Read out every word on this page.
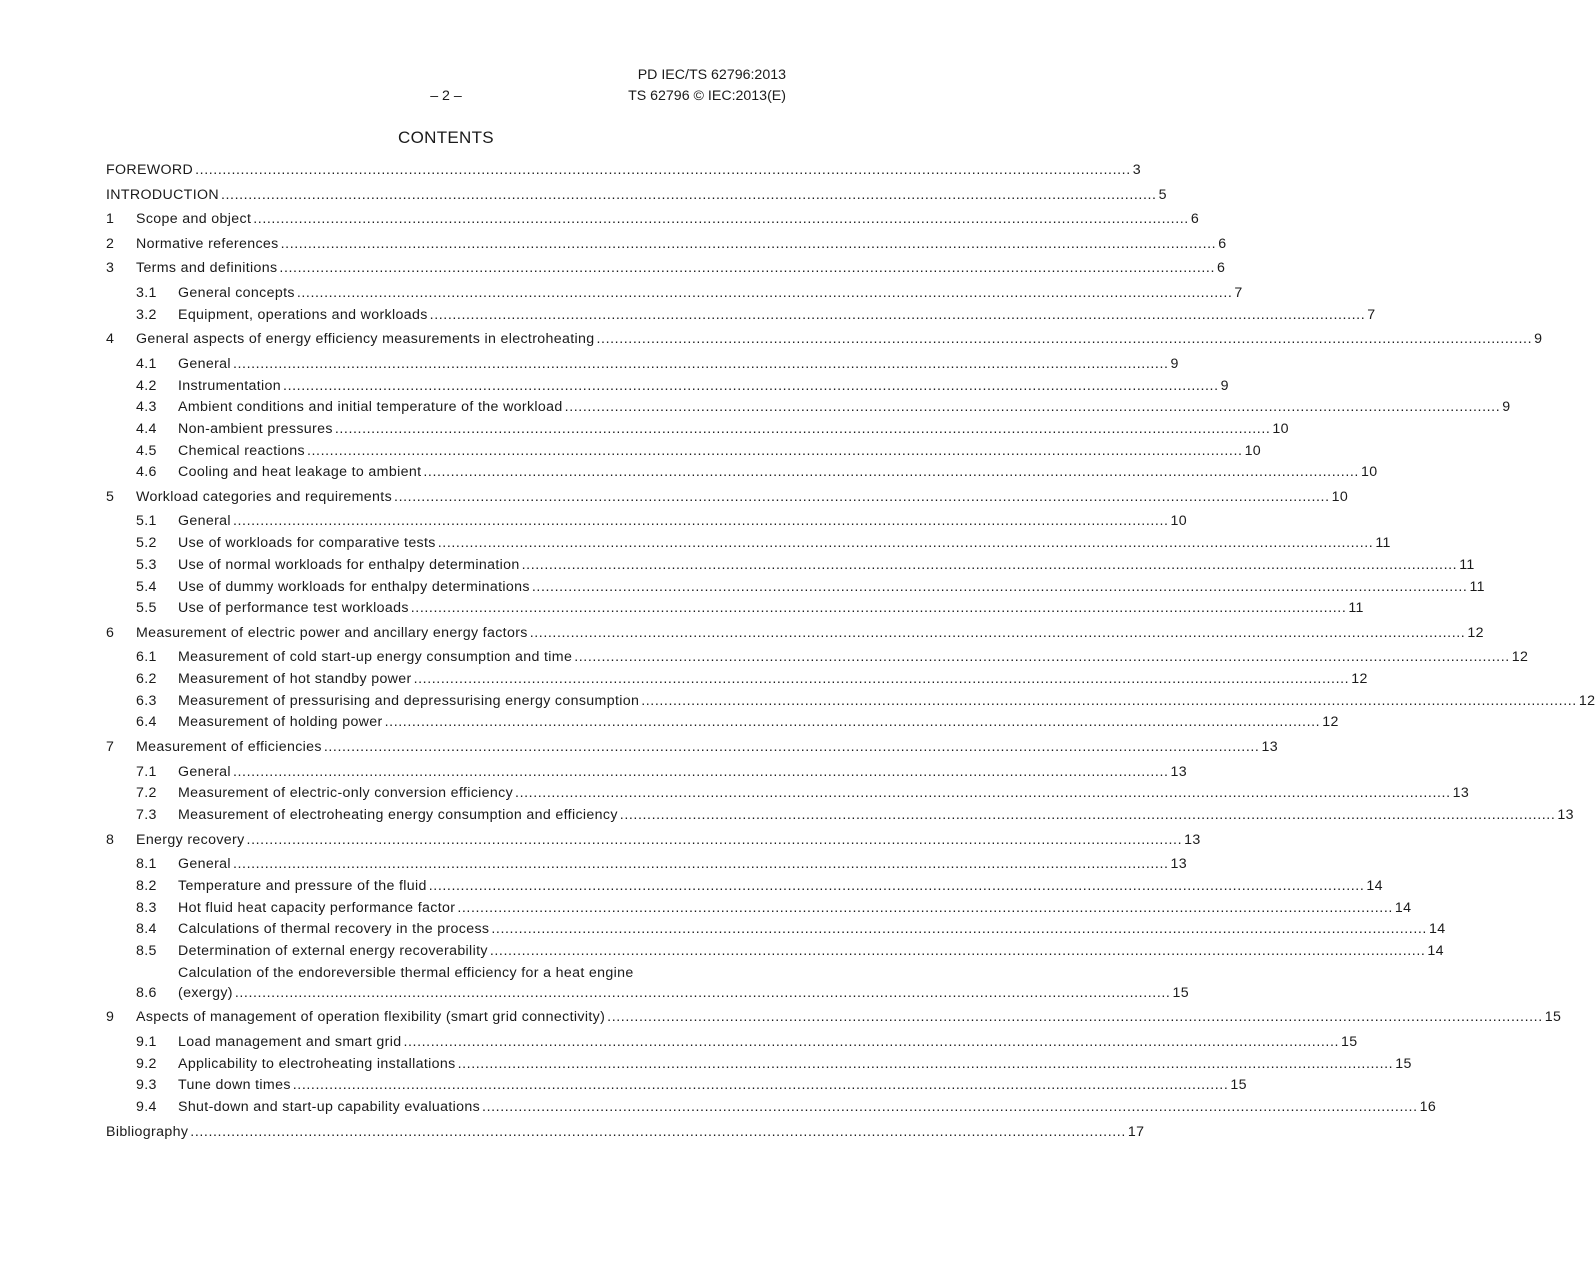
PD IEC/TS 62796:2013
TS 62796 © IEC:2013(E)
– 2 –
CONTENTS
FOREWORD .....	3
INTRODUCTION .....	5
1 Scope and object .....	6
2 Normative references .....	6
3 Terms and definitions .....	6
3.1 General concepts .....	7
3.2 Equipment, operations and workloads .....	7
4 General aspects of energy efficiency measurements in electroheating .....	9
4.1 General .....	9
4.2 Instrumentation .....	9
4.3 Ambient conditions and initial temperature of the workload .....	9
4.4 Non-ambient pressures .....	10
4.5 Chemical reactions .....	10
4.6 Cooling and heat leakage to ambient .....	10
5 Workload categories and requirements .....	10
5.1 General .....	10
5.2 Use of workloads for comparative tests .....	11
5.3 Use of normal workloads for enthalpy determination .....	11
5.4 Use of dummy workloads for enthalpy determinations .....	11
5.5 Use of performance test workloads .....	11
6 Measurement of electric power and ancillary energy factors .....	12
6.1 Measurement of cold start-up energy consumption and time .....	12
6.2 Measurement of hot standby power .....	12
6.3 Measurement of pressurising and depressurising energy consumption .....	12
6.4 Measurement of holding power .....	12
7 Measurement of efficiencies .....	13
7.1 General .....	13
7.2 Measurement of electric-only conversion efficiency .....	13
7.3 Measurement of electroheating energy consumption and efficiency .....	13
8 Energy recovery .....	13
8.1 General .....	13
8.2 Temperature and pressure of the fluid .....	14
8.3 Hot fluid heat capacity performance factor .....	14
8.4 Calculations of thermal recovery in the process .....	14
8.5 Determination of external energy recoverability .....	14
8.6
Calculation of the endoreversible thermal efficiency for a heat engine
(exergy) .....	15
9 Aspects of management of operation flexibility (smart grid connectivity) .....	15
9.1 Load management and smart grid .....	15
9.2 Applicability to electroheating installations .....	15
9.3 Tune down times .....	15
9.4 Shut-down and start-up capability evaluations .....	16
Bibliography .....	17
